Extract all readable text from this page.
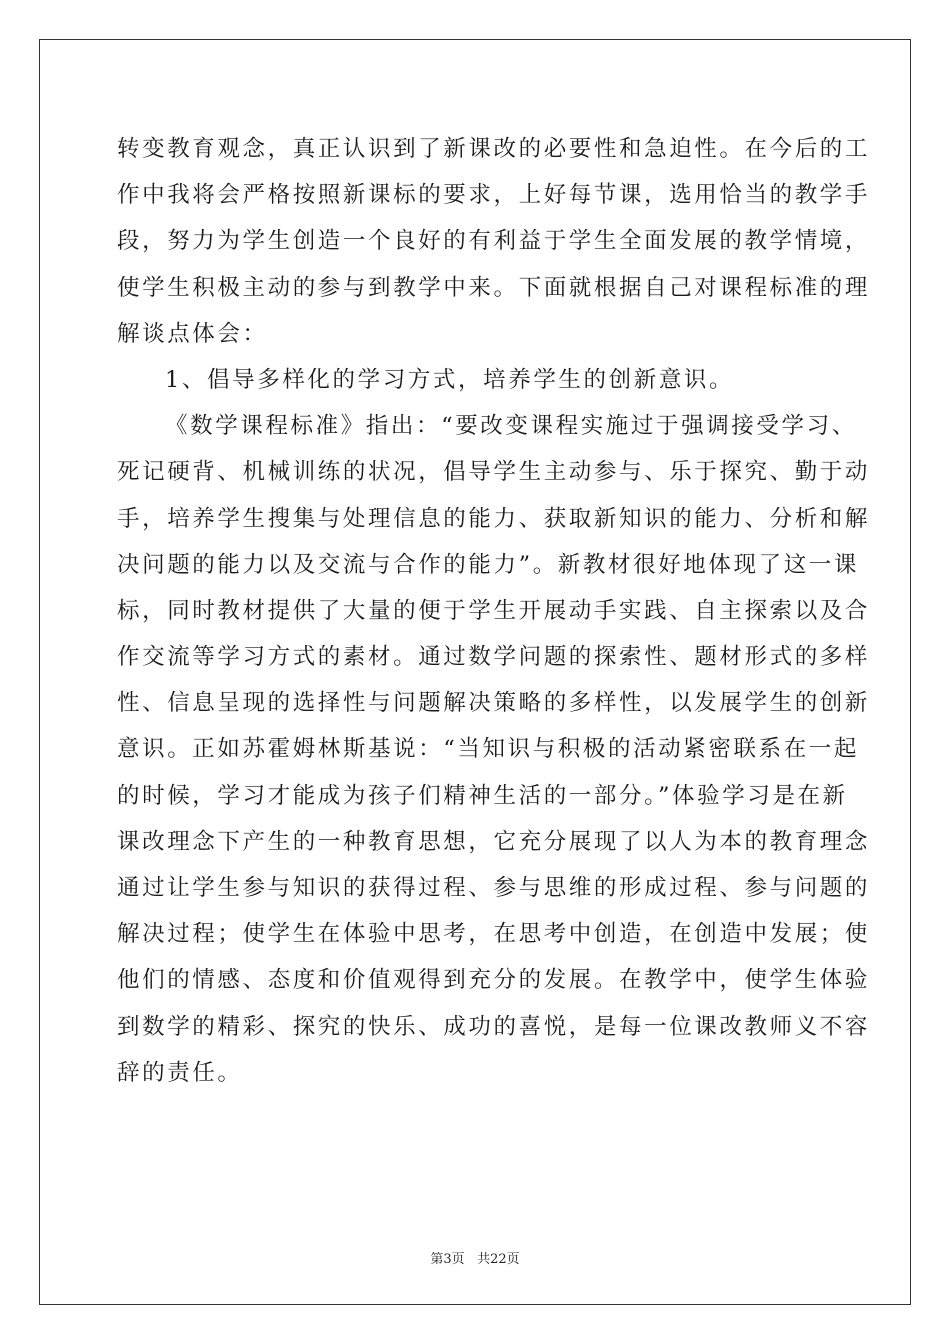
转变教育观念，真正认识到了新课改的必要性和急迫性。在今后的工
作中我将会严格按照新课标的要求，上好每节课，选用恰当的教学手
段，努力为学生创造一个良好的有利益于学生全面发展的教学情境，
使学生积极主动的参与到教学中来。下面就根据自己对课程标准的理
解谈点体会：
1、倡导多样化的学习方式，培养学生的创新意识。
《数学课程标准》指出：“要改变课程实施过于强调接受学习、
死记硬背、机械训练的状况，倡导学生主动参与、乐于探究、勤于动
手，培养学生搜集与处理信息的能力、获取新知识的能力、分析和解
决问题的能力以及交流与合作的能力”。新教材很好地体现了这一课
标，同时教材提供了大量的便于学生开展动手实践、自主探索以及合
作交流等学习方式的素材。通过数学问题的探索性、题材形式的多样
性、信息呈现的选择性与问题解决策略的多样性，以发展学生的创新
意识。正如苏霍姆林斯基说：“当知识与积极的活动紧密联系在一起
的时候，学习才能成为孩子们精神生活的一部分。”体验学习是在新
课改理念下产生的一种教育思想，它充分展现了以人为本的教育理念
通过让学生参与知识的获得过程、参与思维的形成过程、参与问题的
解决过程；使学生在体验中思考，在思考中创造，在创造中发展；使
他们的情感、态度和价值观得到充分的发展。在教学中，使学生体验
到数学的精彩、探究的快乐、成功的喜悦，是每一位课改教师义不容
辞的责任。
第3页 共22页
